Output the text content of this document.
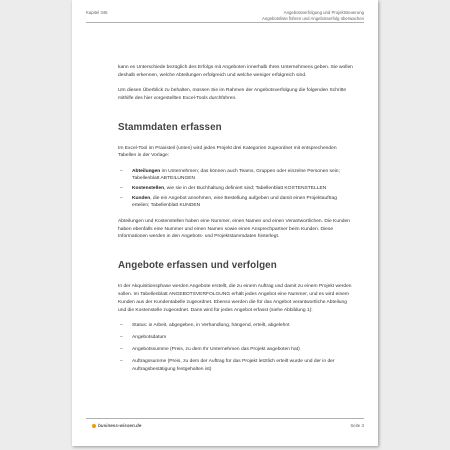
Kapitel 346	Angebotsverfolgung und Projektsteuerung
Angebotsliste führen und Angebotserfolg überwachen

kann es Unterschiede bezüglich des Erfolgs mit Angeboten innerhalb Ihres Unternehmens geben. Sie wollen deshalb erkennen, welche Abteilungen erfolgreich und welche weniger erfolgreich sind.

Um diesen Überblick zu behalten, müssen Sie im Rahmen der Angebotsverfolgung die folgenden Schritte mithilfe des hier vorgestellten Excel-Tools durchführen.

Stammdaten erfassen

Im Excel-Tool im Praxisteil (unten) wird jedes Projekt drei Kategorien zugeordnet mit entsprechenden Tabellen in der Vorlage:

– Abteilungen im Unternehmen; das können auch Teams, Gruppen oder einzelne Personen sein; Tabellenblatt ABTEILUNGEN
– Kostenstellen, wie sie in der Buchhaltung definiert sind; Tabellenblatt KOSTENSTELLEN
– Kunden, die ein Angebot annehmen, eine Bestellung aufgeben und damit einen Projektauftrag erteilen; Tabellenblatt KUNDEN

Abteilungen und Kostenstellen haben eine Nummer, einen Namen und einen Verantwortlichen. Die Kunden haben ebenfalls eine Nummer und einen Namen sowie einen Ansprechpartner beim Kunden. Diese Informationen werden in den Angebots- und Projektstammdaten hinterlegt.

Angebote erfassen und verfolgen

In der Akquisitionsphase werden Angebote erstellt, die zu einem Auftrag und damit zu einem Projekt werden sollen. Im Tabellenblatt ANGEBOTSVERFOLGUNG erhält jedes Angebot eine Nummer, und es wird einem Kunden aus der Kundentabelle zugeordnet. Ebenso werden die für das Angebot verantwortliche Abteilung und die Kostenstelle zugeordnet. Dann wird für jedes Angebot erfasst (siehe Abbildung 1):

– Status: in Arbeit, abgegeben, in Verhandlung, hängend, erteilt, abgelehnt
– Angebotsdatum
– Angebotssumme (Preis, zu dem Ihr Unternehmen das Projekt angeboten hat)
– Auftragssumme (Preis, zu dem der Auftrag für das Projekt letztlich erteilt wurde und der in der Auftragsbestätigung festgehalten ist)
business-wissen.de	Seite 3
